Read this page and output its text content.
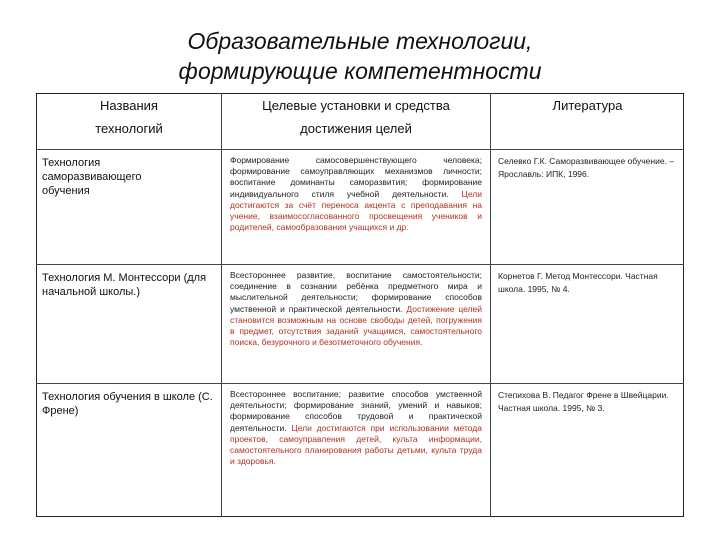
Образовательные технологии,
формирующие компетентности
Названия
технологий
Целевые установки и средства
достижения целей
Литература
Технология саморазвивающего обучения
Формирование самосовершенствующего человека; формирование самоуправляющих механизмов личности; воспитание доминанты саморазвития; формирование индивидуального стиля учебной деятельности. Цели достигаются за счёт переноса акцента с преподавания на учение, взаимосогласованного просвещения учеников и родителей, самообразования учащихся и др.
Селевко Г.К. Саморазвивающее обучение. – Ярославль: ИПК, 1996.
Технология М. Монтессори (для начальной школы.)
Всестороннее развитие, воспитание самостоятельности; соединение в сознании ребёнка предметного мира и мыслительной деятельности; формирование способов умственной и практической деятельности. Достижение целей становится возможным на основе свободы детей, погружения в предмет, отсутствия заданий учащимся, самостоятельного поиска, безурочного и безотметочного обучения.
Корнетов Г. Метод Монтессори. Частная школа. 1995, № 4.
Технология обучения в школе (С. Френе)
Всестороннее воспитание; развитие способов умственной деятельности; формирование знаний, умений и навыков; формирование способов трудовой и практической деятельности. Цели достигаются при использовании метода проектов, самоуправления детей, культа информации, самостоятельного планирования работы детьми, культа труда и здоровья.
Степихова В. Педагог Френе в Швейцарии. Частная школа. 1995, № 3.
